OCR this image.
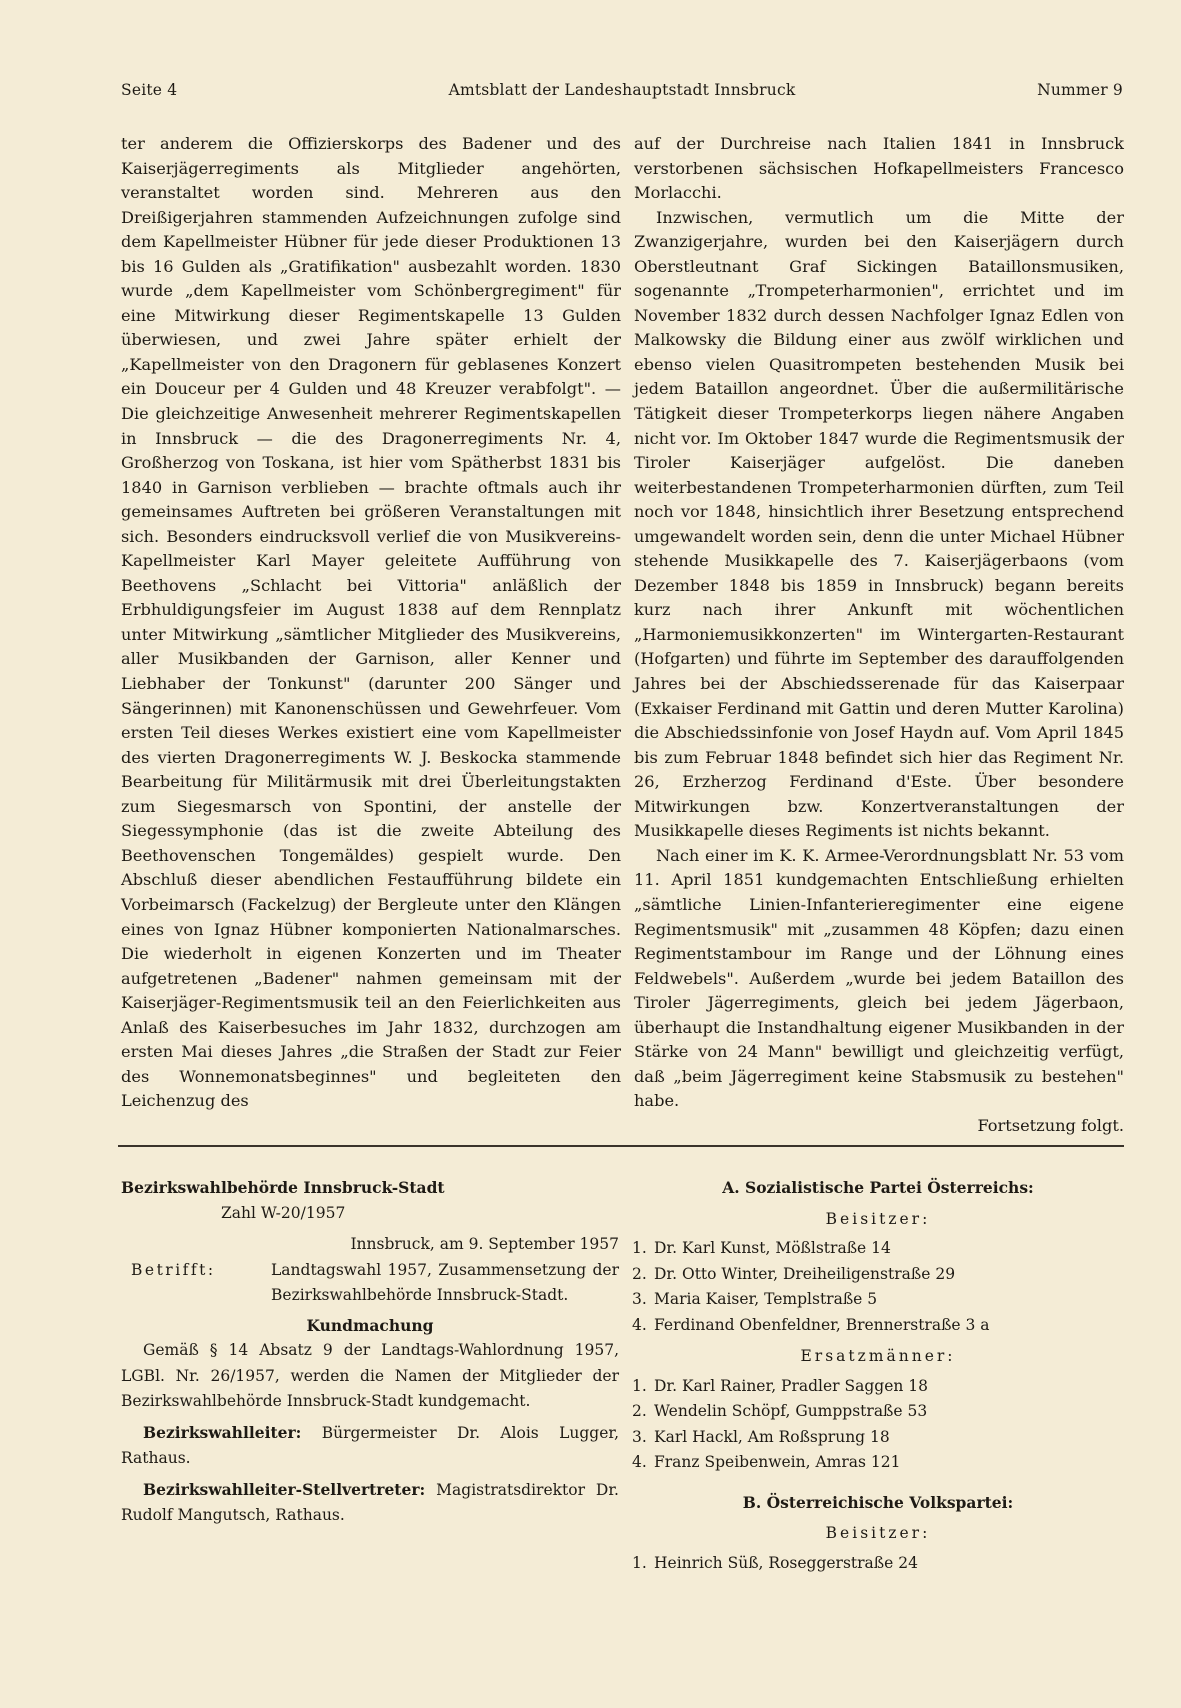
Seite 4	Amtsblatt der Landeshauptstadt Innsbruck	Nummer 9

ter anderem die Offizierskorps des Badener und des Kaiserjägerregiments als Mitglieder angehörten, veranstaltet worden sind. Mehreren aus den Dreißigerjahren stammenden Aufzeichnungen zufolge sind dem Kapellmeister Hübner für jede dieser Produktionen 13 bis 16 Gulden als „Gratifikation" ausbezahlt worden. 1830 wurde „dem Kapellmeister vom Schönbergregiment" für eine Mitwirkung dieser Regimentskapelle 13 Gulden überwiesen, und zwei Jahre später erhielt der „Kapellmeister von den Dragonern für geblasenes Konzert ein Douceur per 4 Gulden und 48 Kreuzer verabfolgt". — Die gleichzeitige Anwesenheit mehrerer Regimentskapellen in Innsbruck — die des Dragonerregiments Nr. 4, Großherzog von Toskana, ist hier vom Spätherbst 1831 bis 1840 in Garnison verblieben — brachte oftmals auch ihr gemeinsames Auftreten bei größeren Veranstaltungen mit sich. Besonders eindrucksvoll verlief die von Musikvereins-Kapellmeister Karl Mayer geleitete Aufführung von Beethovens „Schlacht bei Vittoria" anläßlich der Erbhuldigungsfeier im August 1838 auf dem Rennplatz unter Mitwirkung „sämtlicher Mitglieder des Musikvereins, aller Musikbanden der Garnison, aller Kenner und Liebhaber der Tonkunst" (darunter 200 Sänger und Sängerinnen) mit Kanonenschüssen und Gewehrfeuer. Vom ersten Teil dieses Werkes existiert eine vom Kapellmeister des vierten Dragonerregiments W. J. Beskocka stammende Bearbeitung für Militärmusik mit drei Überleitungstakten zum Siegesmarsch von Spontini, der anstelle der Siegessymphonie (das ist die zweite Abteilung des Beethovenschen Tongemäldes) gespielt wurde. Den Abschluß dieser abendlichen Festaufführung bildete ein Vorbeimarsch (Fackelzug) der Bergleute unter den Klängen eines von Ignaz Hübner komponierten Nationalmarsches. Die wiederholt in eigenen Konzerten und im Theater aufgetretenen „Badener" nahmen gemeinsam mit der Kaiserjäger-Regimentsmusik teil an den Feierlichkeiten aus Anlaß des Kaiserbesuches im Jahr 1832, durchzogen am ersten Mai dieses Jahres „die Straßen der Stadt zur Feier des Wonnemonatsbeginnes" und begleiteten den Leichenzug des

auf der Durchreise nach Italien 1841 in Innsbruck verstorbenen sächsischen Hofkapellmeisters Francesco Morlacchi.

Inzwischen, vermutlich um die Mitte der Zwanzigerjahre, wurden bei den Kaiserjägern durch Oberstleutnant Graf Sickingen Bataillonsmusiken, sogenannte „Trompeterharmonien", errichtet und im November 1832 durch dessen Nachfolger Ignaz Edlen von Malkowsky die Bildung einer aus zwölf wirklichen und ebenso vielen Quasitrompeten bestehenden Musik bei jedem Bataillon angeordnet. Über die außermilitärische Tätigkeit dieser Trompeterkorps liegen nähere Angaben nicht vor. Im Oktober 1847 wurde die Regimentsmusik der Tiroler Kaiserjäger aufgelöst. Die daneben weiterbestandenen Trompeterharmonien dürften, zum Teil noch vor 1848, hinsichtlich ihrer Besetzung entsprechend umgewandelt worden sein, denn die unter Michael Hübner stehende Musikkapelle des 7. Kaiserjägerbaons (vom Dezember 1848 bis 1859 in Innsbruck) begann bereits kurz nach ihrer Ankunft mit wöchentlichen „Harmoniemusikkonzerten" im Wintergarten-Restaurant (Hofgarten) und führte im September des darauffolgenden Jahres bei der Abschiedsserenade für das Kaiserpaar (Exkaiser Ferdinand mit Gattin und deren Mutter Karolina) die Abschiedssinfonie von Josef Haydn auf. Vom April 1845 bis zum Februar 1848 befindet sich hier das Regiment Nr. 26, Erzherzog Ferdinand d'Este. Über besondere Mitwirkungen bzw. Konzertveranstaltungen der Musikkapelle dieses Regiments ist nichts bekannt.

Nach einer im K. K. Armee-Verordnungsblatt Nr. 53 vom 11. April 1851 kundgemachten Entschließung erhielten „sämtliche Linien-Infanterieregimenter eine eigene Regimentsmusik" mit „zusammen 48 Köpfen; dazu einen Regimentstambour im Range und der Löhnung eines Feldwebels". Außerdem „wurde bei jedem Bataillon des Tiroler Jägerregiments, gleich bei jedem Jägerbaon, überhaupt die Instandhaltung eigener Musikbanden in der Stärke von 24 Mann" bewilligt und gleichzeitig verfügt, daß „beim Jägerregiment keine Stabsmusik zu bestehen" habe.

Fortsetzung folgt.

Bezirkswahlbehörde Innsbruck-Stadt

Zahl W-20/1957

Innsbruck, am 9. September 1957

Betrifft:	Landtagswahl 1957, Zusammensetzung der Bezirkswahlbehörde Innsbruck-Stadt.

Kundmachung

Gemäß § 14 Absatz 9 der Landtags-Wahlordnung 1957, LGBl. Nr. 26/1957, werden die Namen der Mitglieder der Bezirkswahlbehörde Innsbruck-Stadt kundgemacht.

Bezirkswahlleiter: Bürgermeister Dr. Alois Lugger, Rathaus.

Bezirkswahlleiter-Stellvertreter: Magistratsdirektor Dr. Rudolf Mangutsch, Rathaus.

A. Sozialistische Partei Österreichs:

Beisitzer:

1. Dr. Karl Kunst, Mößlstraße 14
2. Dr. Otto Winter, Dreiheiligenstraße 29
3. Maria Kaiser, Templstraße 5
4. Ferdinand Obenfeldner, Brennerstraße 3 a

Ersatzmänner:

1. Dr. Karl Rainer, Pradler Saggen 18
2. Wendelin Schöpf, Gumppstraße 53
3. Karl Hackl, Am Roßsprung 18
4. Franz Speibenwein, Amras 121

B. Österreichische Volkspartei:

Beisitzer:

1. Heinrich Süß, Roseggerstraße 24
